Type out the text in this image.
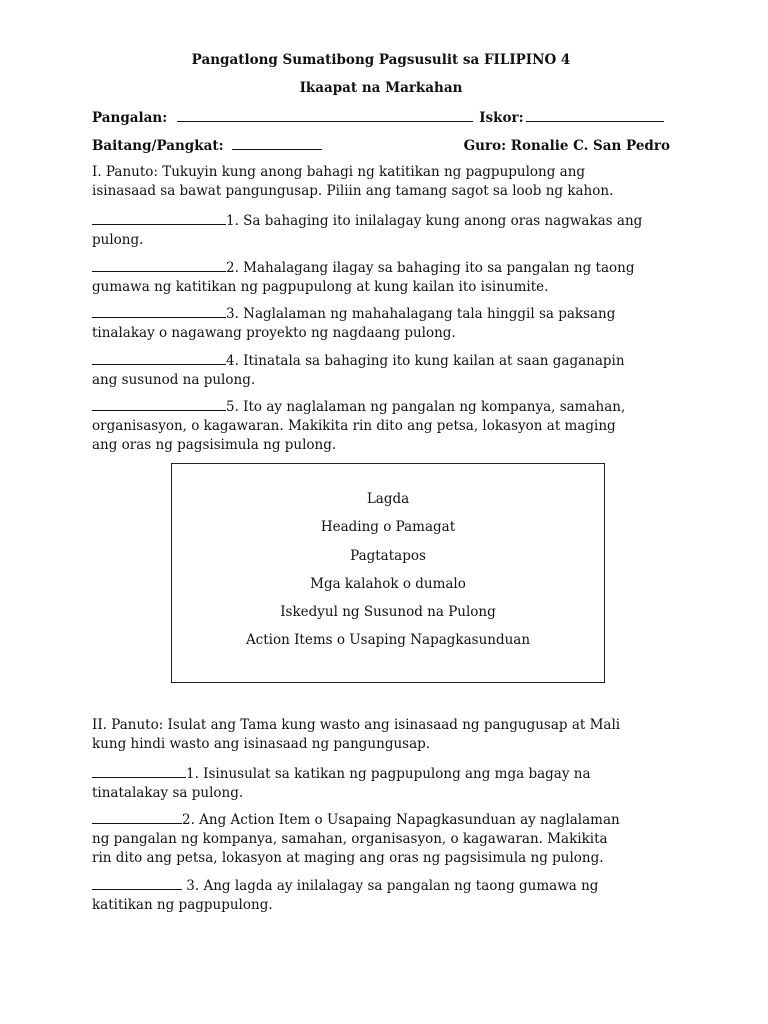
Pangatlong Sumatibong Pagsusulit sa FILIPINO 4
Ikaapat na Markahan
Pangalan:	Iskor:
Baitang/Pangkat:	Guro: Ronalie C. San Pedro
I. Panuto: Tukuyin kung anong bahagi ng katitikan ng pagpupulong ang
isinasaad sa bawat pangungusap. Piliin ang tamang sagot sa loob ng kahon.
1. Sa bahaging ito inilalagay kung anong oras nagwakas ang
pulong.
2. Mahalagang ilagay sa bahaging ito sa pangalan ng taong
gumawa ng katitikan ng pagpupulong at kung kailan ito isinumite.
3. Naglalaman ng mahahalagang tala hinggil sa paksang
tinalakay o nagawang proyekto ng nagdaang pulong.
4. Itinatala sa bahaging ito kung kailan at saan gaganapin
ang susunod na pulong.
5. Ito ay naglalaman ng pangalan ng kompanya, samahan,
organisasyon, o kagawaran. Makikita rin dito ang petsa, lokasyon at maging
ang oras ng pagsisimula ng pulong.
II. Panuto: Isulat ang Tama kung wasto ang isinasaad ng pangugusap at Mali
kung hindi wasto ang isinasaad ng pangungusap.
1. Isinusulat sa katikan ng pagpupulong ang mga bagay na
tinatalakay sa pulong.
2. Ang Action Item o Usapaing Napagkasunduan ay naglalaman
ng pangalan ng kompanya, samahan, organisasyon, o kagawaran. Makikita
rin dito ang petsa, lokasyon at maging ang oras ng pagsisimula ng pulong.
3. Ang lagda ay inilalagay sa pangalan ng taong gumawa ng
katitikan ng pagpupulong.
Lagda
Heading o Pamagat
Pagtatapos
Mga kalahok o dumalo
Iskedyul ng Susunod na Pulong
Action Items o Usaping Napagkasunduan
